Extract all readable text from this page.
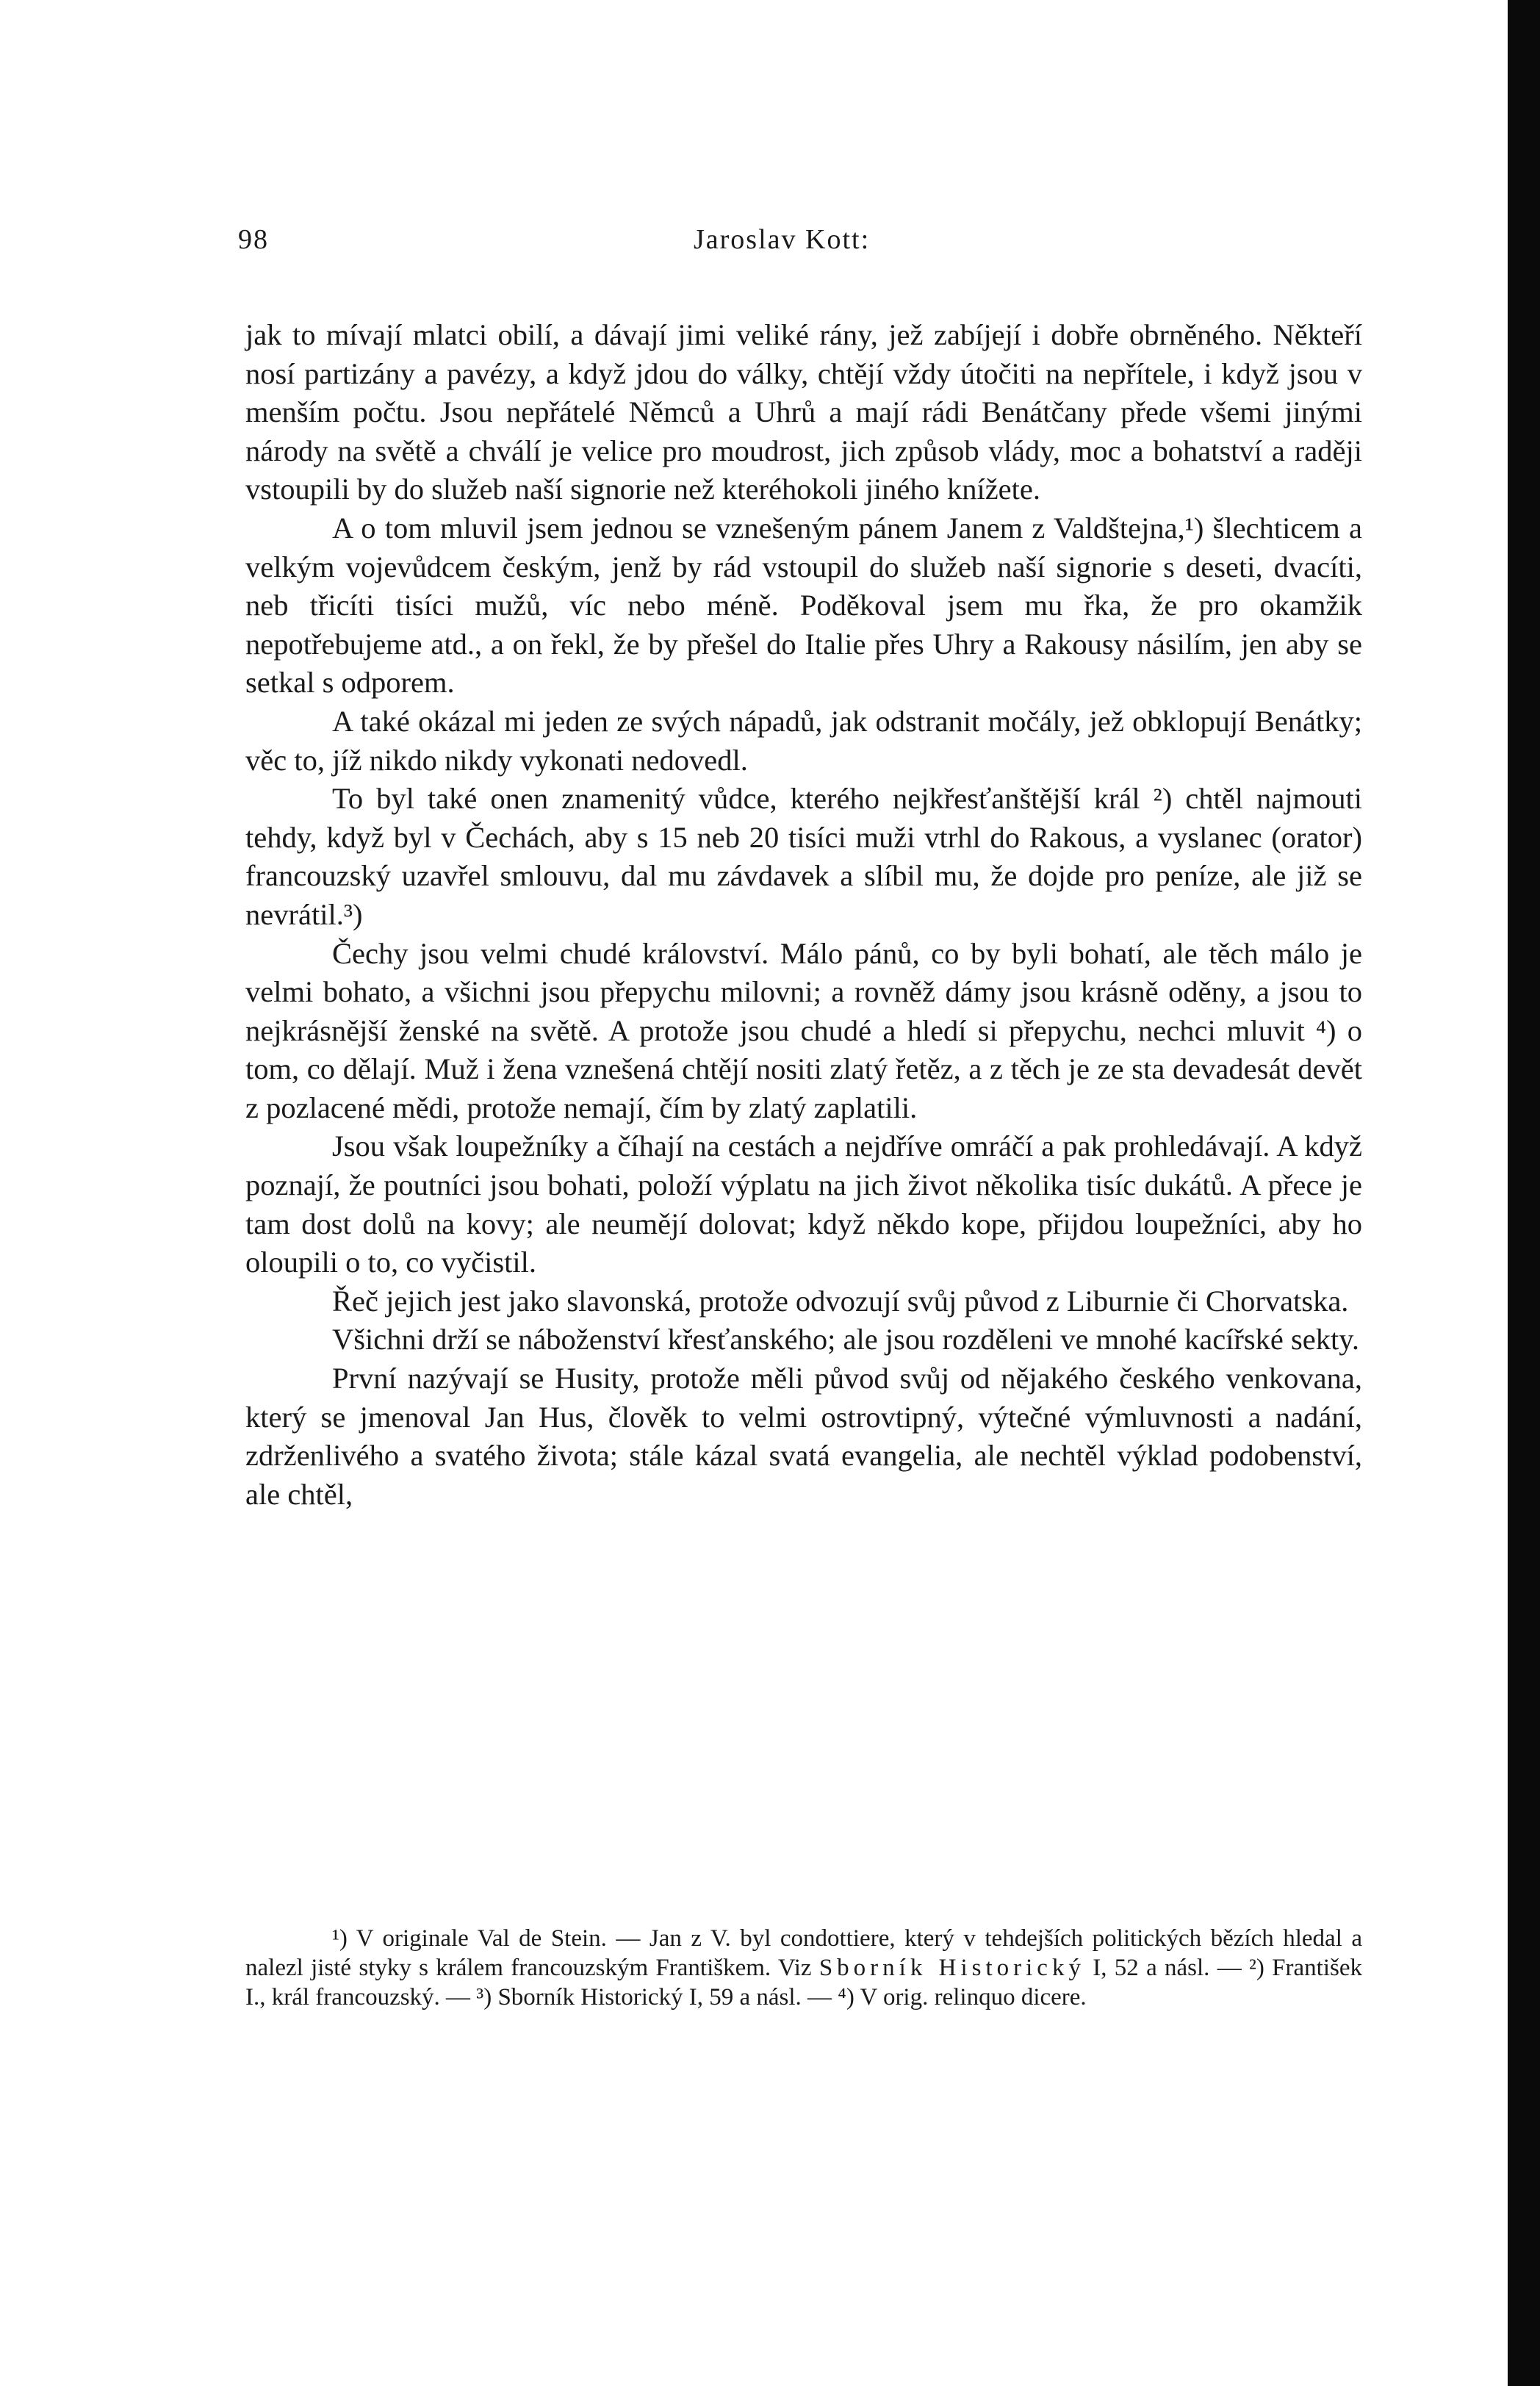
98	Jaroslav Kott:

jak to mívají mlatci obilí, a dávají jimi veliké rány, jež zabíjejí i dobře obrněného. Někteří nosí partizány a pavézy, a když jdou do války, chtějí vždy útočiti na nepřítele, i když jsou v menším počtu. Jsou nepřátelé Němců a Uhrů a mají rádi Benátčany přede všemi jinými národy na světě a chválí je velice pro moudrost, jich způsob vlády, moc a bohatství a raději vstoupili by do služeb naší signorie než kteréhokoli jiného knížete.

A o tom mluvil jsem jednou se vznešeným pánem Janem z Valdštejna,¹) šlechticem a velkým vojevůdcem českým, jenž by rád vstoupil do služeb naší signorie s deseti, dvacíti, neb třicíti tisíci mužů, víc nebo méně. Poděkoval jsem mu řka, že pro okamžik nepotřebujeme atd., a on řekl, že by přešel do Italie přes Uhry a Rakousy násilím, jen aby se setkal s odporem.

A také okázal mi jeden ze svých nápadů, jak odstranit močály, jež obklopují Benátky; věc to, jíž nikdo nikdy vykonati nedovedl.

To byl také onen znamenitý vůdce, kterého nejkřesťanštější král ²) chtěl najmouti tehdy, když byl v Čechách, aby s 15 neb 20 tisíci muži vtrhl do Rakous, a vyslanec (orator) francouzský uzavřel smlouvu, dal mu závdavek a slíbil mu, že dojde pro peníze, ale již se nevrátil.³)

Čechy jsou velmi chudé království. Málo pánů, co by byli bohatí, ale těch málo je velmi bohato, a všichni jsou přepychu milovni; a rovněž dámy jsou krásně oděny, a jsou to nejkrásnější ženské na světě. A protože jsou chudé a hledí si přepychu, nechci mluvit ⁴) o tom, co dělají. Muž i žena vznešená chtějí nositi zlatý řetěz, a z těch je ze sta devadesát devět z pozlacené mědi, protože nemají, čím by zlatý zaplatili.

Jsou však loupežníky a číhají na cestách a nejdříve omráčí a pak prohledávají. A když poznají, že poutníci jsou bohati, položí výplatu na jich život několika tisíc dukátů. A přece je tam dost dolů na kovy; ale neumějí dolovat; když někdo kope, přijdou loupežníci, aby ho oloupili o to, co vyčistil.

Řeč jejich jest jako slavonská, protože odvozují svůj původ z Liburnie či Chorvatska.

Všichni drží se náboženství křesťanského; ale jsou rozděleni ve mnohé kacířské sekty.

První nazývají se Husity, protože měli původ svůj od nějakého českého venkovana, který se jmenoval Jan Hus, člověk to velmi ostrovtipný, výtečné výmluvnosti a nadání, zdrženlivého a svatého života; stále kázal svatá evangelia, ale nechtěl výklad podobenství, ale chtěl,

¹) V originale Val de Stein. — Jan z V. byl condottiere, který v tehdejších politických bězích hledal a nalezl jisté styky s králem francouzským Františkem. Viz Sborník Historický I, 52 a násl. — ²) František I., král francouzský. — ³) Sborník Historický I, 59 a násl. — ⁴) V orig. relinquo dicere.
